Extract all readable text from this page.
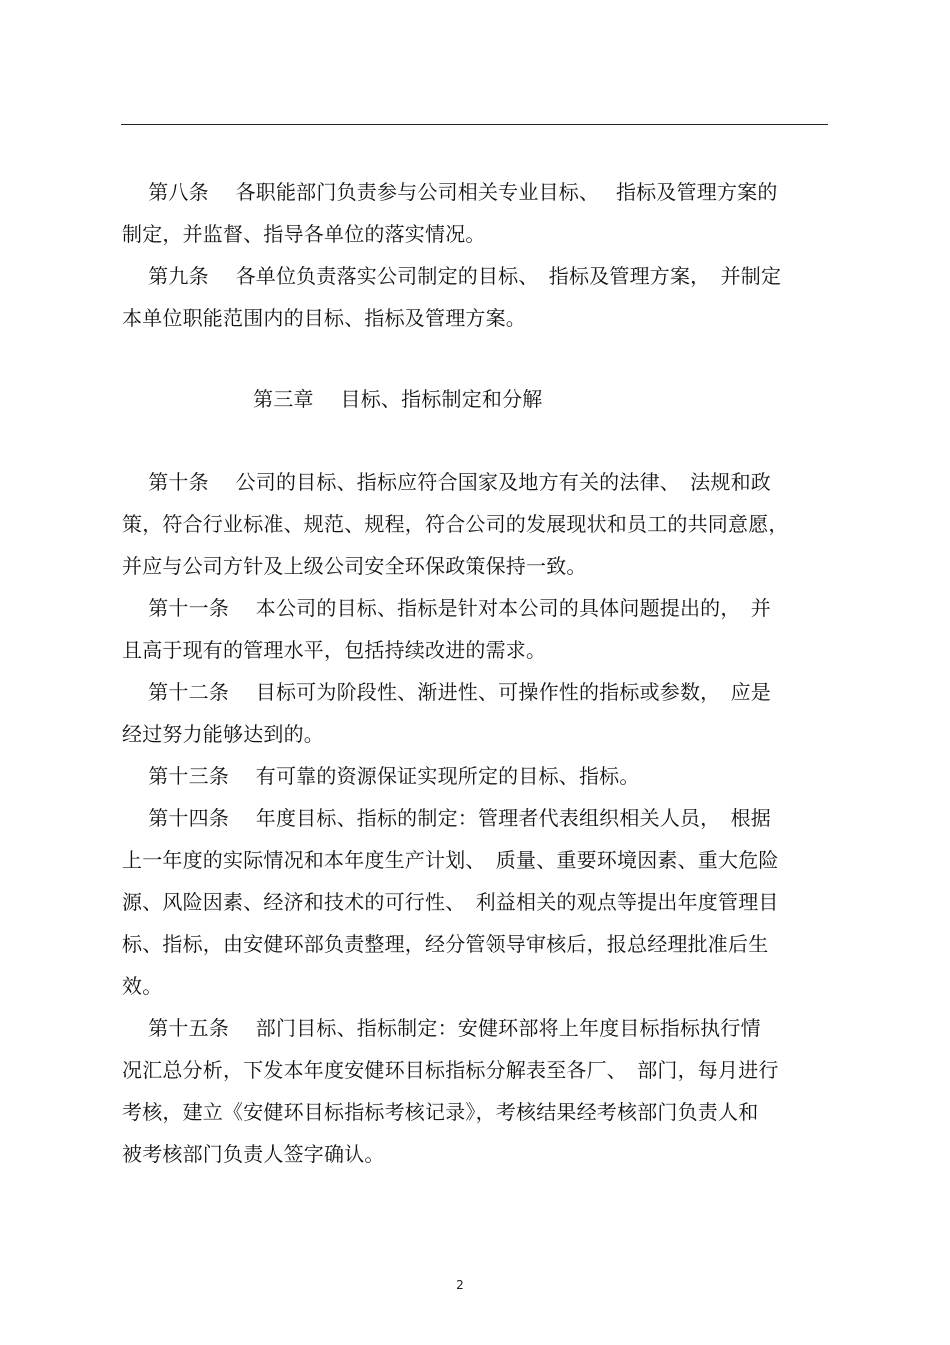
第八条　 各职能部门负责参与公司相关专业目标、　 指标及管理方案的
制定，并监督、指导各单位的落实情况。
第九条　 各单位负责落实公司制定的目标、　指标及管理方案，　并制定
本单位职能范围内的目标、指标及管理方案。
第三章　 目标、指标制定和分解
第十条　 公司的目标、指标应符合国家及地方有关的法律、　法规和政
策，符合行业标准、规范、规程，符合公司的发展现状和员工的共同意愿，
并应与公司方针及上级公司安全环保政策保持一致。
第十一条　 本公司的目标、指标是针对本公司的具体问题提出的，　并
且高于现有的管理水平，包括持续改进的需求。
第十二条　 目标可为阶段性、渐进性、可操作性的指标或参数，　应是
经过努力能够达到的。
第十三条　 有可靠的资源保证实现所定的目标、指标。
第十四条　 年度目标、指标的制定：管理者代表组织相关人员，　根据
上一年度的实际情况和本年度生产计划、　质量、重要环境因素、重大危险
源、风险因素、经济和技术的可行性、　利益相关的观点等提出年度管理目
标、指标，由安健环部负责整理，经分管领导审核后，报总经理批准后生
效。
第十五条　 部门目标、指标制定：安健环部将上年度目标指标执行情
况汇总分析，下发本年度安健环目标指标分解表至各厂、　部门，每月进行
考核，建立《安健环目标指标考核记录》，考核结果经考核部门负责人和
被考核部门负责人签字确认。
2
